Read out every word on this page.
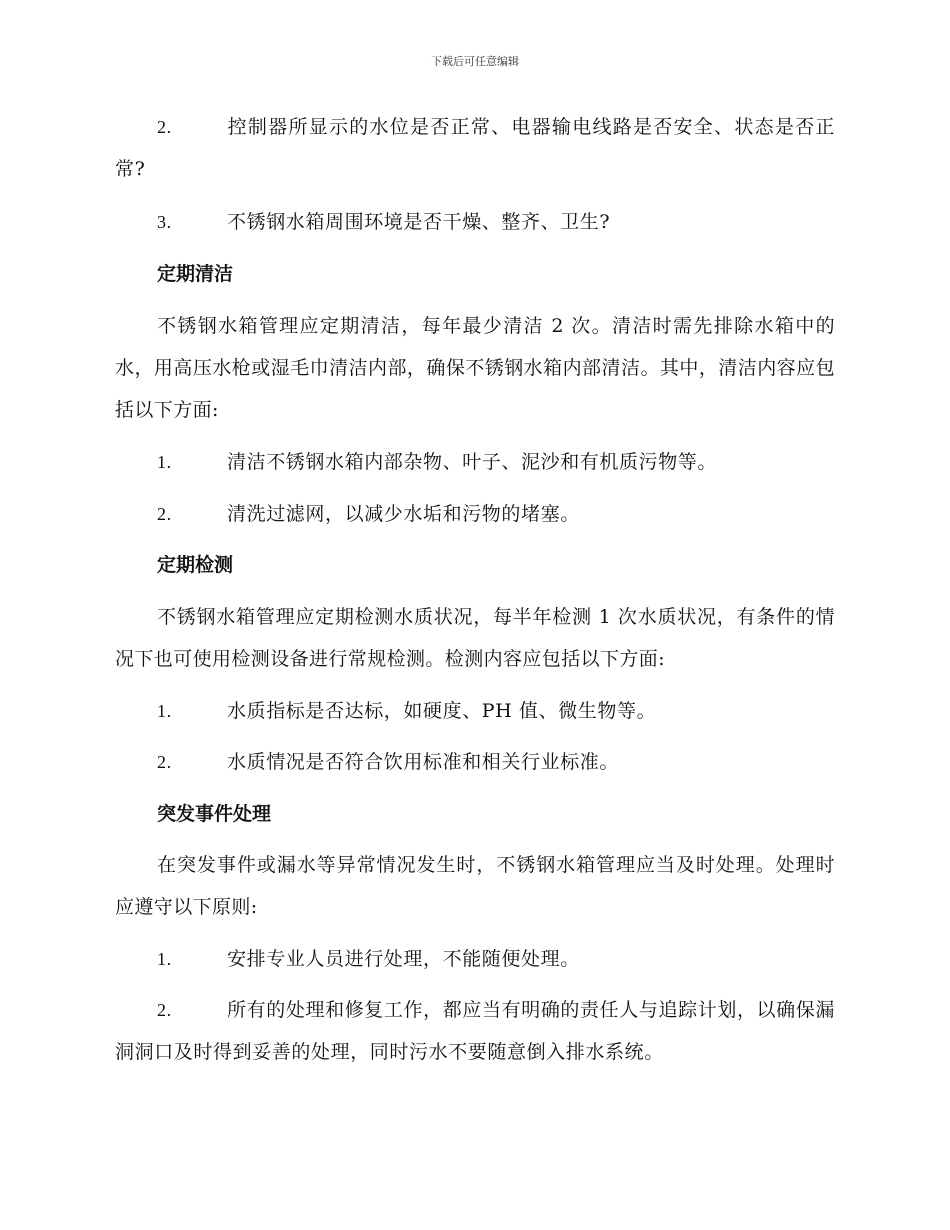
下载后可任意编辑
2.	控制器所显示的水位是否正常、电器输电线路是否安全、状态是否正常?
3.	不锈钢水箱周围环境是否干燥、整齐、卫生?
定期清洁
不锈钢水箱管理应定期清洁，每年最少清洁 2 次。清洁时需先排除水箱中的水，用高压水枪或湿毛巾清洁内部，确保不锈钢水箱内部清洁。其中，清洁内容应包括以下方面:
1.	清洁不锈钢水箱内部杂物、叶子、泥沙和有机质污物等。
2.	清洗过滤网，以减少水垢和污物的堵塞。
定期检测
不锈钢水箱管理应定期检测水质状况，每半年检测 1 次水质状况，有条件的情况下也可使用检测设备进行常规检测。检测内容应包括以下方面:
1.	水质指标是否达标，如硬度、PH 值、微生物等。
2.	水质情况是否符合饮用标准和相关行业标准。
突发事件处理
在突发事件或漏水等异常情况发生时，不锈钢水箱管理应当及时处理。处理时应遵守以下原则:
1.	安排专业人员进行处理，不能随便处理。
2.	所有的处理和修复工作，都应当有明确的责任人与追踪计划，以确保漏洞洞口及时得到妥善的处理，同时污水不要随意倒入排水系统。
